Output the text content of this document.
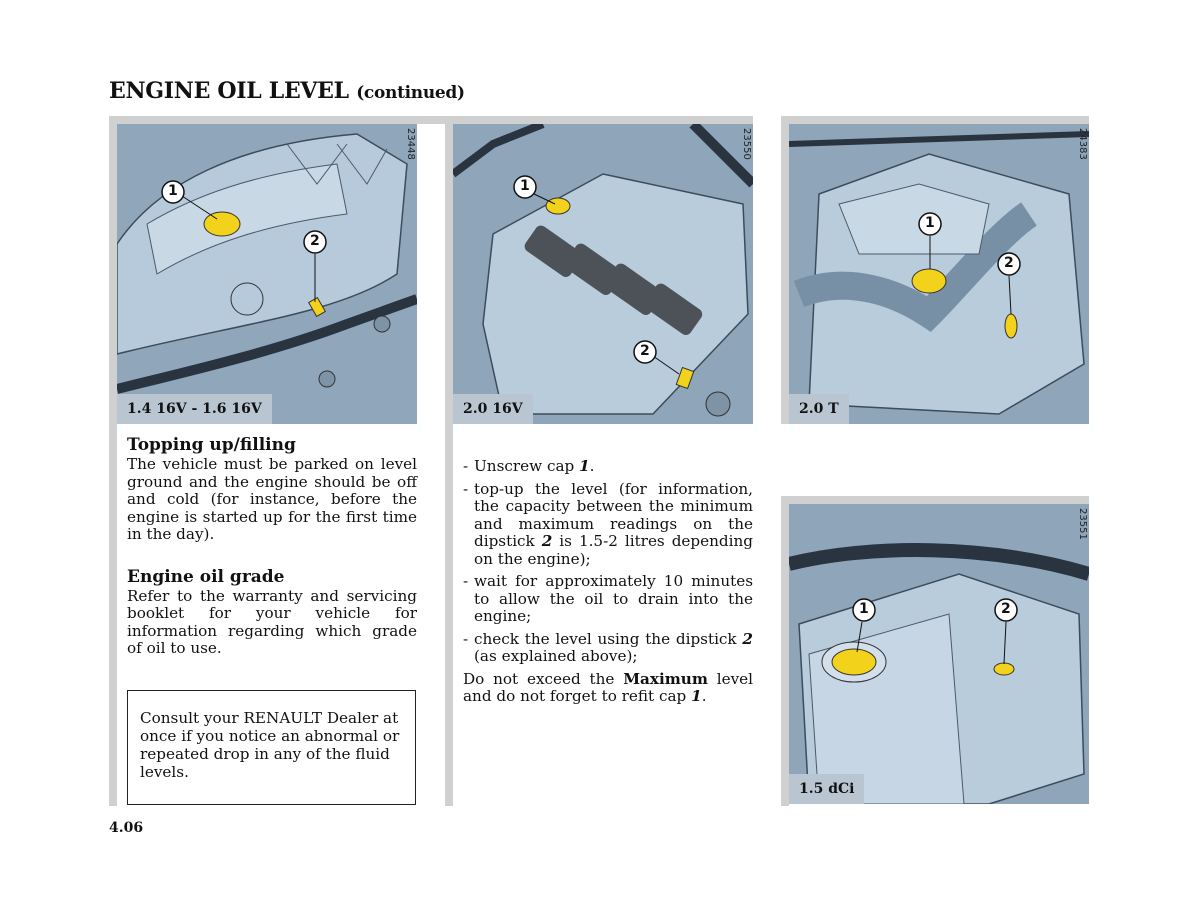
ENGINE OIL LEVEL (continued)
1
2
23448
1.4 16V - 1.6 16V
1
2
23550
2.0 16V
1
2
24383
2.0 T
1	2
23551
1.5 dCi
Topping up/filling

The vehicle must be parked on level ground and the engine should be off and cold (for instance, before the engine is started up for the first time in the day).

Engine oil grade

Refer to the warranty and servicing booklet for your vehicle for information regarding which grade of oil to use.

Consult your RENAULT Dealer at once if you notice an abnormal or repeated drop in any of the fluid levels.
- Unscrew cap 1.
- top-up the level (for information, the capacity between the minimum and maximum readings on the dipstick 2 is 1.5-2 litres depending on the engine);
- wait for approximately 10 minutes to allow the oil to drain into the engine;
- check the level using the dipstick 2 (as explained above);

Do not exceed the Maximum level and do not forget to refit cap 1.

4.06
